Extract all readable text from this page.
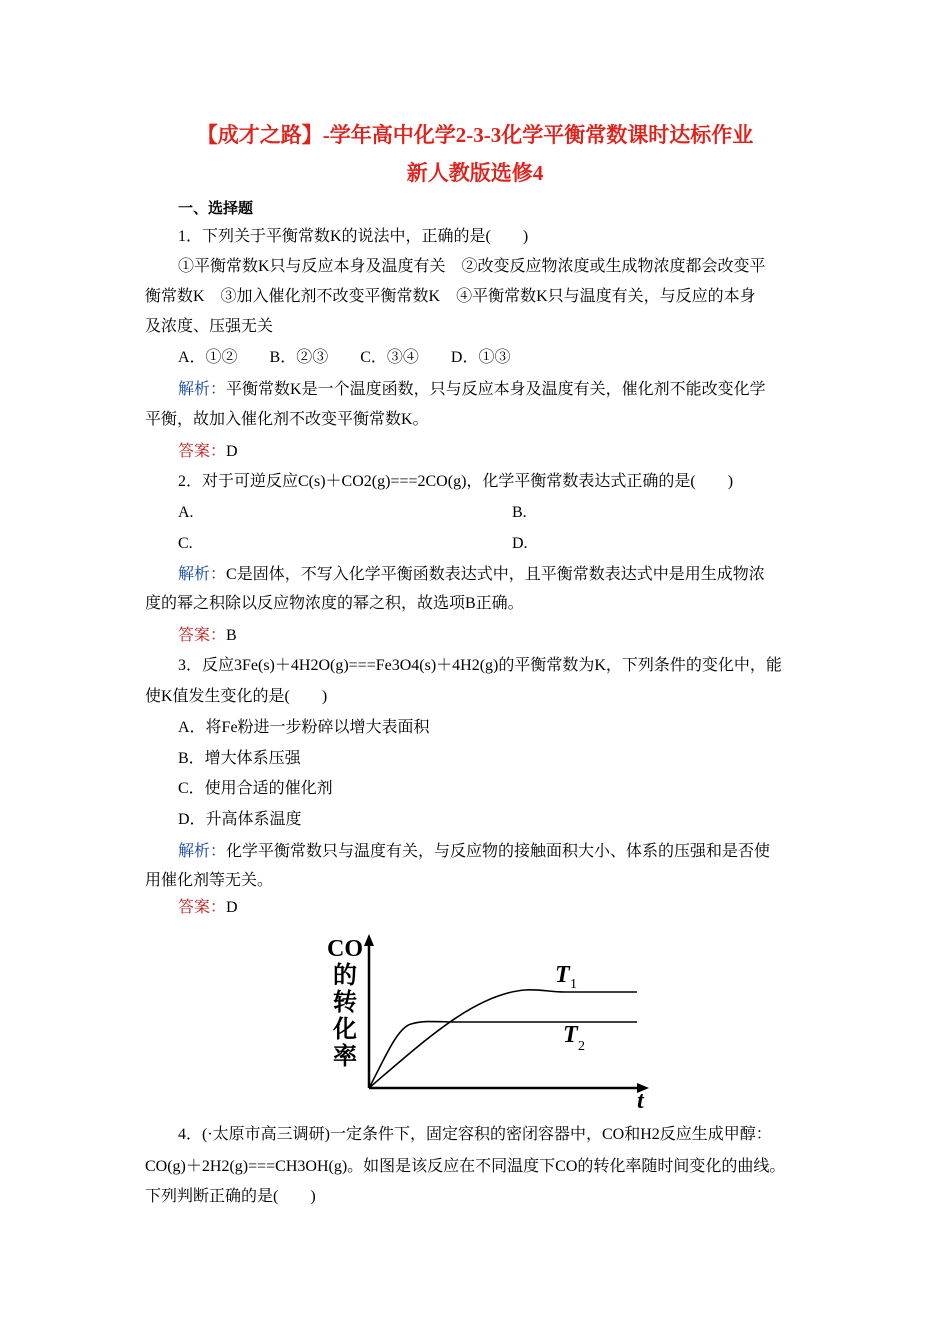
【成才之路】-学年高中化学2-3-3化学平衡常数课时达标作业
新人教版选修4
一、选择题
1．下列关于平衡常数K的说法中，正确的是(　　)
①平衡常数K只与反应本身及温度有关　②改变反应物浓度或生成物浓度都会改变平
衡常数K　③加入催化剂不改变平衡常数K　④平衡常数K只与温度有关，与反应的本身
及浓度、压强无关
A．①②　　B．②③　　C．③④　　D．①③
解析：平衡常数K是一个温度函数，只与反应本身及温度有关，催化剂不能改变化学
平衡，故加入催化剂不改变平衡常数K。
答案：D
2．对于可逆反应C(s)＋CO2(g)===2CO(g)，化学平衡常数表达式正确的是(　　)
A.	B.
C.	D.
解析：C是固体，不写入化学平衡函数表达式中，且平衡常数表达式中是用生成物浓
度的幂之积除以反应物浓度的幂之积，故选项B正确。
答案：B
3．反应3Fe(s)＋4H2O(g)===Fe3O4(s)＋4H2(g)的平衡常数为K，下列条件的变化中，能
使K值发生变化的是(　　)
A．将Fe粉进一步粉碎以增大表面积
B．增大体系压强
C．使用合适的催化剂
D．升高体系温度
解析：化学平衡常数只与温度有关，与反应物的接触面积大小、体系的压强和是否使
用催化剂等无关。
答案：D
CO
的
转
化
率
t
T 1
T 2
4．(·太原市高三调研)一定条件下，固定容积的密闭容器中，CO和H2反应生成甲醇：
CO(g)＋2H2(g)===CH3OH(g)。如图是该反应在不同温度下CO的转化率随时间变化的曲线。
下列判断正确的是(　　)
